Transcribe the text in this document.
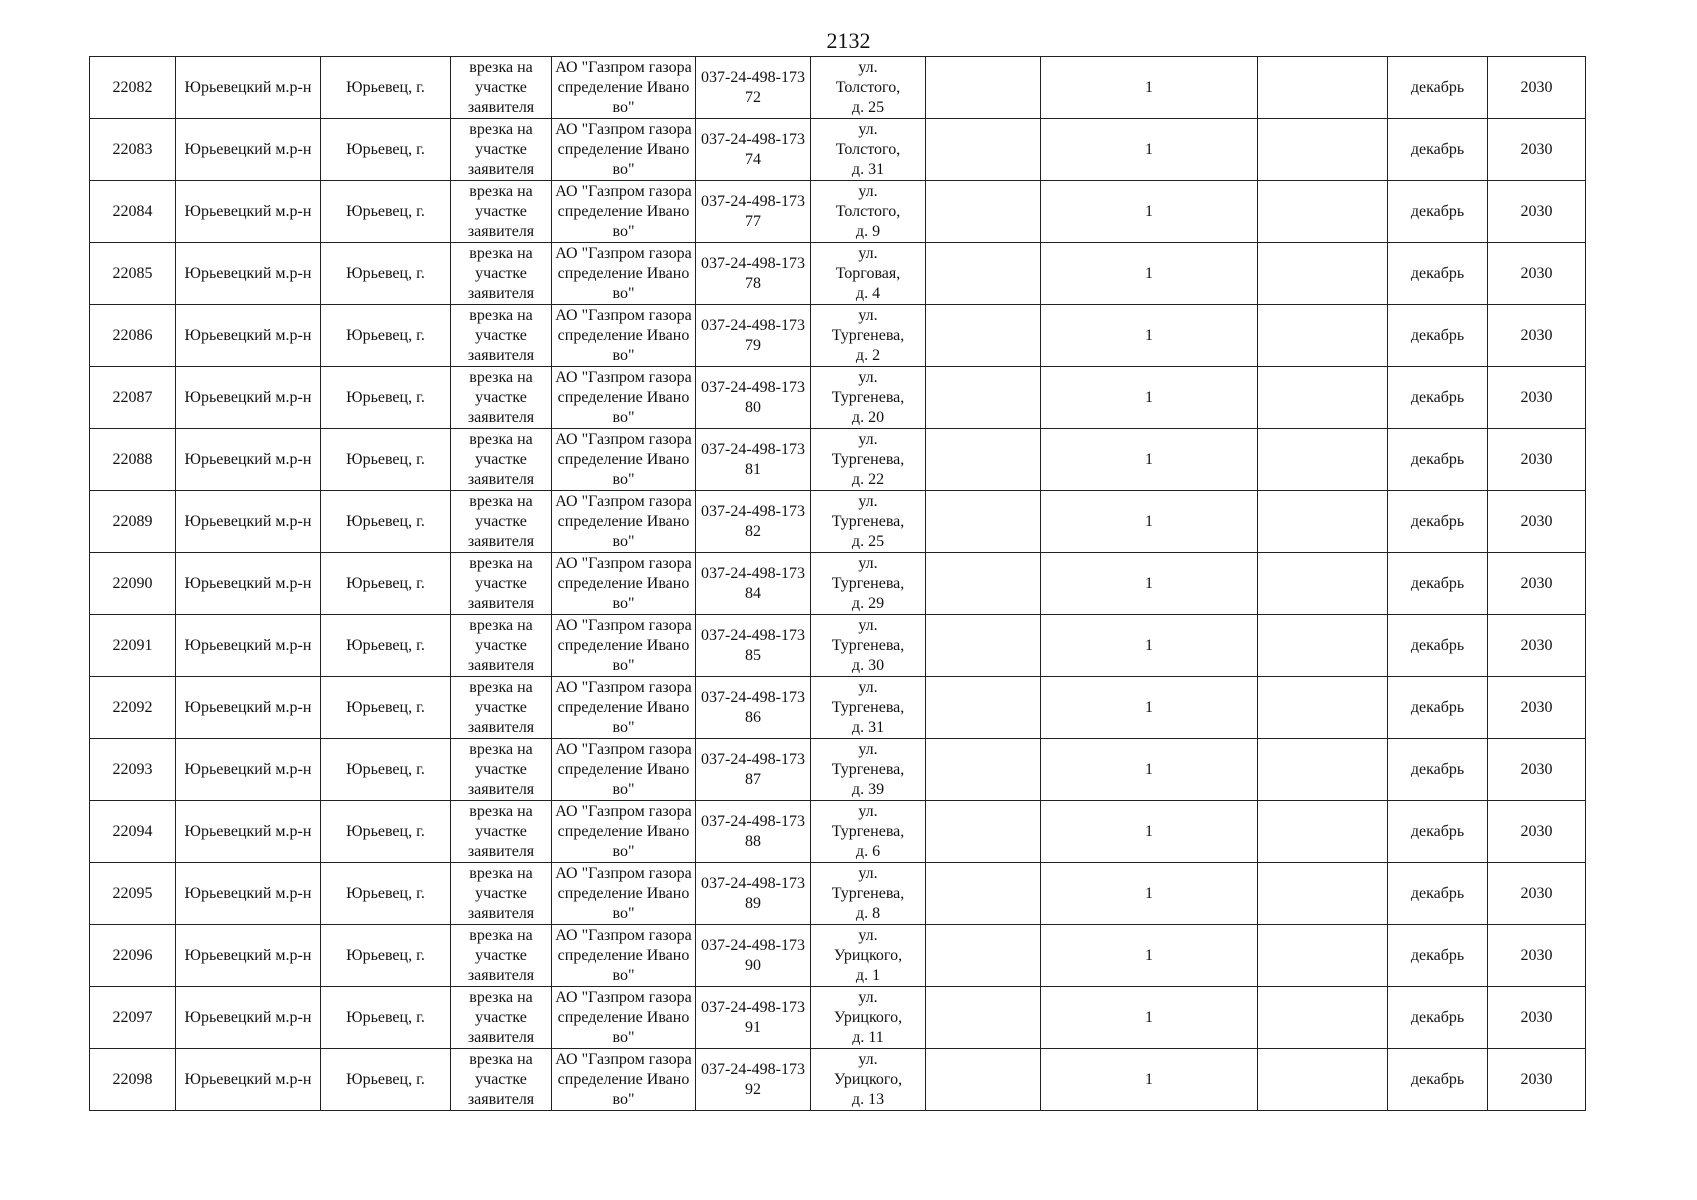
2132
22082	Юрьевецкий м.р-н	Юрьевец, г.	врезка на участке заявителя	АО "Газпром газораспределение Иваново"	037-24-498-17372	ул.
Толстого,
д. 25		1		декабрь	2030
22083	Юрьевецкий м.р-н	Юрьевец, г.	врезка на участке заявителя	АО "Газпром газораспределение Иваново"	037-24-498-17374	ул.
Толстого,
д. 31		1		декабрь	2030
22084	Юрьевецкий м.р-н	Юрьевец, г.	врезка на участке заявителя	АО "Газпром газораспределение Иваново"	037-24-498-17377	ул.
Толстого,
д. 9		1		декабрь	2030
22085	Юрьевецкий м.р-н	Юрьевец, г.	врезка на участке заявителя	АО "Газпром газораспределение Иваново"	037-24-498-17378	ул.
Торговая,
д. 4		1		декабрь	2030
22086	Юрьевецкий м.р-н	Юрьевец, г.	врезка на участке заявителя	АО "Газпром газораспределение Иваново"	037-24-498-17379	ул.
Тургенева,
д. 2		1		декабрь	2030
22087	Юрьевецкий м.р-н	Юрьевец, г.	врезка на участке заявителя	АО "Газпром газораспределение Иваново"	037-24-498-17380	ул.
Тургенева,
д. 20		1		декабрь	2030
22088	Юрьевецкий м.р-н	Юрьевец, г.	врезка на участке заявителя	АО "Газпром газораспределение Иваново"	037-24-498-17381	ул.
Тургенева,
д. 22		1		декабрь	2030
22089	Юрьевецкий м.р-н	Юрьевец, г.	врезка на участке заявителя	АО "Газпром газораспределение Иваново"	037-24-498-17382	ул.
Тургенева,
д. 25		1		декабрь	2030
22090	Юрьевецкий м.р-н	Юрьевец, г.	врезка на участке заявителя	АО "Газпром газораспределение Иваново"	037-24-498-17384	ул.
Тургенева,
д. 29		1		декабрь	2030
22091	Юрьевецкий м.р-н	Юрьевец, г.	врезка на участке заявителя	АО "Газпром газораспределение Иваново"	037-24-498-17385	ул.
Тургенева,
д. 30		1		декабрь	2030
22092	Юрьевецкий м.р-н	Юрьевец, г.	врезка на участке заявителя	АО "Газпром газораспределение Иваново"	037-24-498-17386	ул.
Тургенева,
д. 31		1		декабрь	2030
22093	Юрьевецкий м.р-н	Юрьевец, г.	врезка на участке заявителя	АО "Газпром газораспределение Иваново"	037-24-498-17387	ул.
Тургенева,
д. 39		1		декабрь	2030
22094	Юрьевецкий м.р-н	Юрьевец, г.	врезка на участке заявителя	АО "Газпром газораспределение Иваново"	037-24-498-17388	ул.
Тургенева,
д. 6		1		декабрь	2030
22095	Юрьевецкий м.р-н	Юрьевец, г.	врезка на участке заявителя	АО "Газпром газораспределение Иваново"	037-24-498-17389	ул.
Тургенева,
д. 8		1		декабрь	2030
22096	Юрьевецкий м.р-н	Юрьевец, г.	врезка на участке заявителя	АО "Газпром газораспределение Иваново"	037-24-498-17390	ул.
Урицкого,
д. 1		1		декабрь	2030
22097	Юрьевецкий м.р-н	Юрьевец, г.	врезка на участке заявителя	АО "Газпром газораспределение Иваново"	037-24-498-17391	ул.
Урицкого,
д. 11		1		декабрь	2030
22098	Юрьевецкий м.р-н	Юрьевец, г.	врезка на участке заявителя	АО "Газпром газораспределение Иваново"	037-24-498-17392	ул.
Урицкого,
д. 13		1		декабрь	2030
